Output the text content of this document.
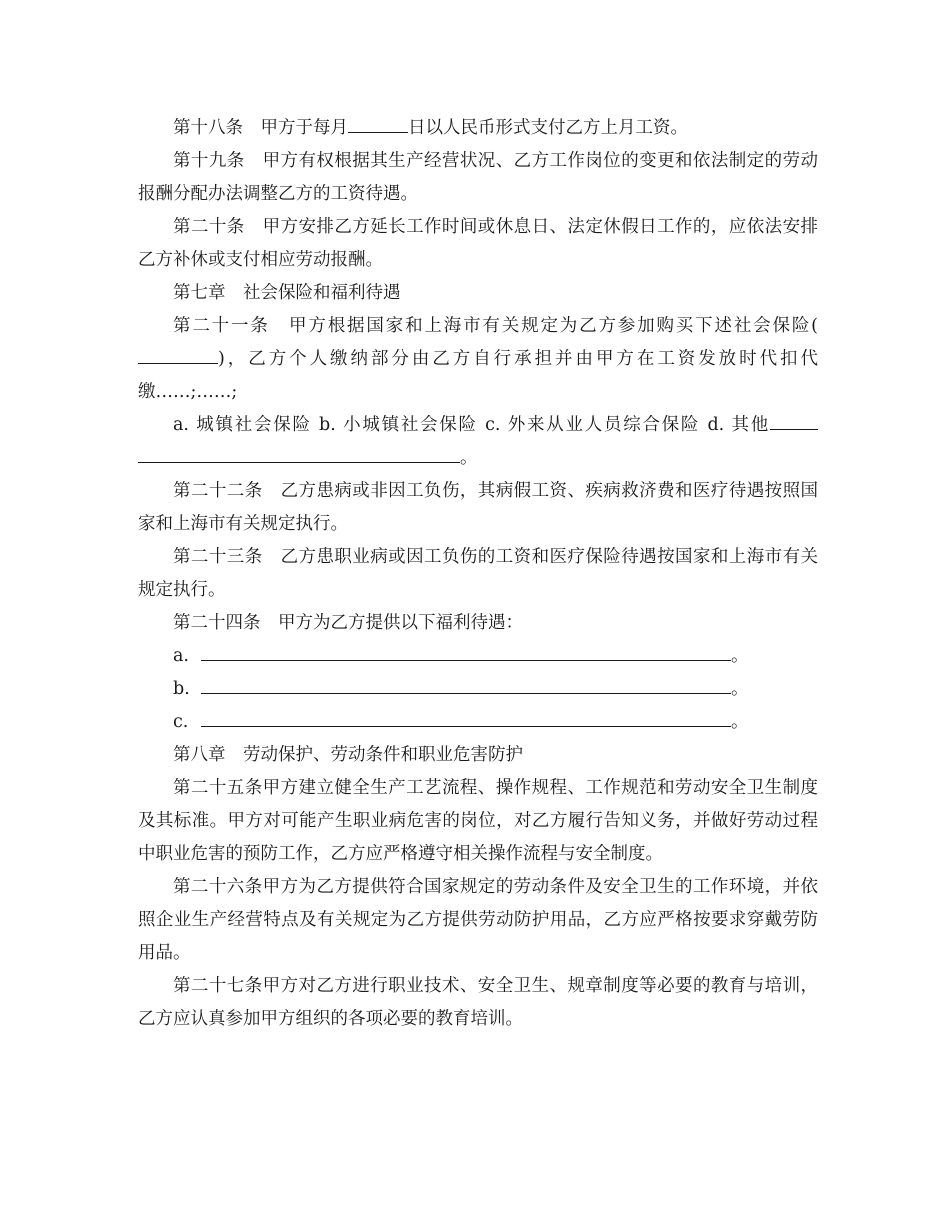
第十八条 甲方于每月	日以人民币形式支付乙方上月工资。

第十九条 甲方有权根据其生产经营状况、乙方工作岗位的变更和依法制定的劳动报酬分配办法调整乙方的工资待遇。

第二十条 甲方安排乙方延长工作时间或休息日、法定休假日工作的，应依法安排乙方补休或支付相应劳动报酬。

第七章 社会保险和福利待遇

第二十一条 甲方根据国家和上海市有关规定为乙方参加购买下述社会保险()，乙方个人缴纳部分由乙方自行承担并由甲方在工资发放时代扣代缴……;……;

a. 城镇社会保险 b. 小城镇社会保险 c. 外来从业人员综合保险 d. 其他。

第二十二条 乙方患病或非因工负伤，其病假工资、疾病救济费和医疗待遇按照国家和上海市有关规定执行。

第二十三条 乙方患职业病或因工负伤的工资和医疗保险待遇按国家和上海市有关规定执行。

第二十四条 甲方为乙方提供以下福利待遇：

a.	。

b.	。

c.	。

第八章 劳动保护、劳动条件和职业危害防护

第二十五条甲方建立健全生产工艺流程、操作规程、工作规范和劳动安全卫生制度及其标准。甲方对可能产生职业病危害的岗位，对乙方履行告知义务，并做好劳动过程中职业危害的预防工作，乙方应严格遵守相关操作流程与安全制度。

第二十六条甲方为乙方提供符合国家规定的劳动条件及安全卫生的工作环境，并依照企业生产经营特点及有关规定为乙方提供劳动防护用品，乙方应严格按要求穿戴劳防用品。

第二十七条甲方对乙方进行职业技术、安全卫生、规章制度等必要的教育与培训，乙方应认真参加甲方组织的各项必要的教育培训。
